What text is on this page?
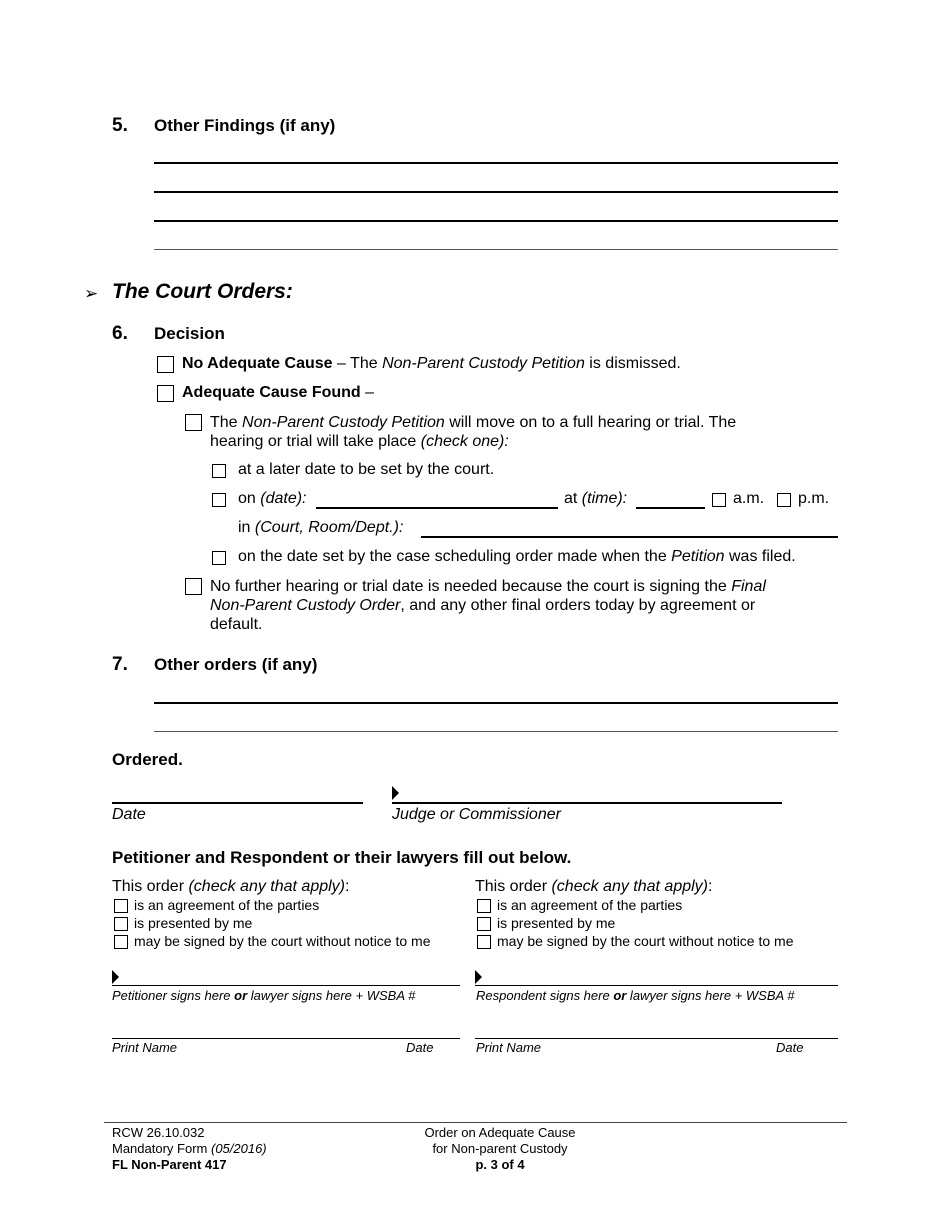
5. Other Findings (if any)
➢ The Court Orders:
6. Decision
No Adequate Cause – The Non-Parent Custody Petition is dismissed.
Adequate Cause Found –
The Non-Parent Custody Petition will move on to a full hearing or trial. The
hearing or trial will take place (check one):
at a later date to be set by the court.
on (date):	at (time):	a.m. p.m.
in (Court, Room/Dept.):
on the date set by the case scheduling order made when the Petition was filed.
No further hearing or trial date is needed because the court is signing the Final
Non-Parent Custody Order, and any other final orders today by agreement or
default.
7. Other orders (if any)
Ordered.
Date	Judge or Commissioner
Petitioner and Respondent or their lawyers fill out below.
This order (check any that apply):
is an agreement of the parties
is presented by me
may be signed by the court without notice to me
Petitioner signs here or lawyer signs here + WSBA #
Print Name	Date
This order (check any that apply):
is an agreement of the parties
is presented by me
may be signed by the court without notice to me
Respondent signs here or lawyer signs here + WSBA #
Print Name	Date
RCW 26.10.032
Mandatory Form (05/2016)
FL Non-Parent 417
Order on Adequate Cause
for Non-parent Custody
p. 3 of 4
